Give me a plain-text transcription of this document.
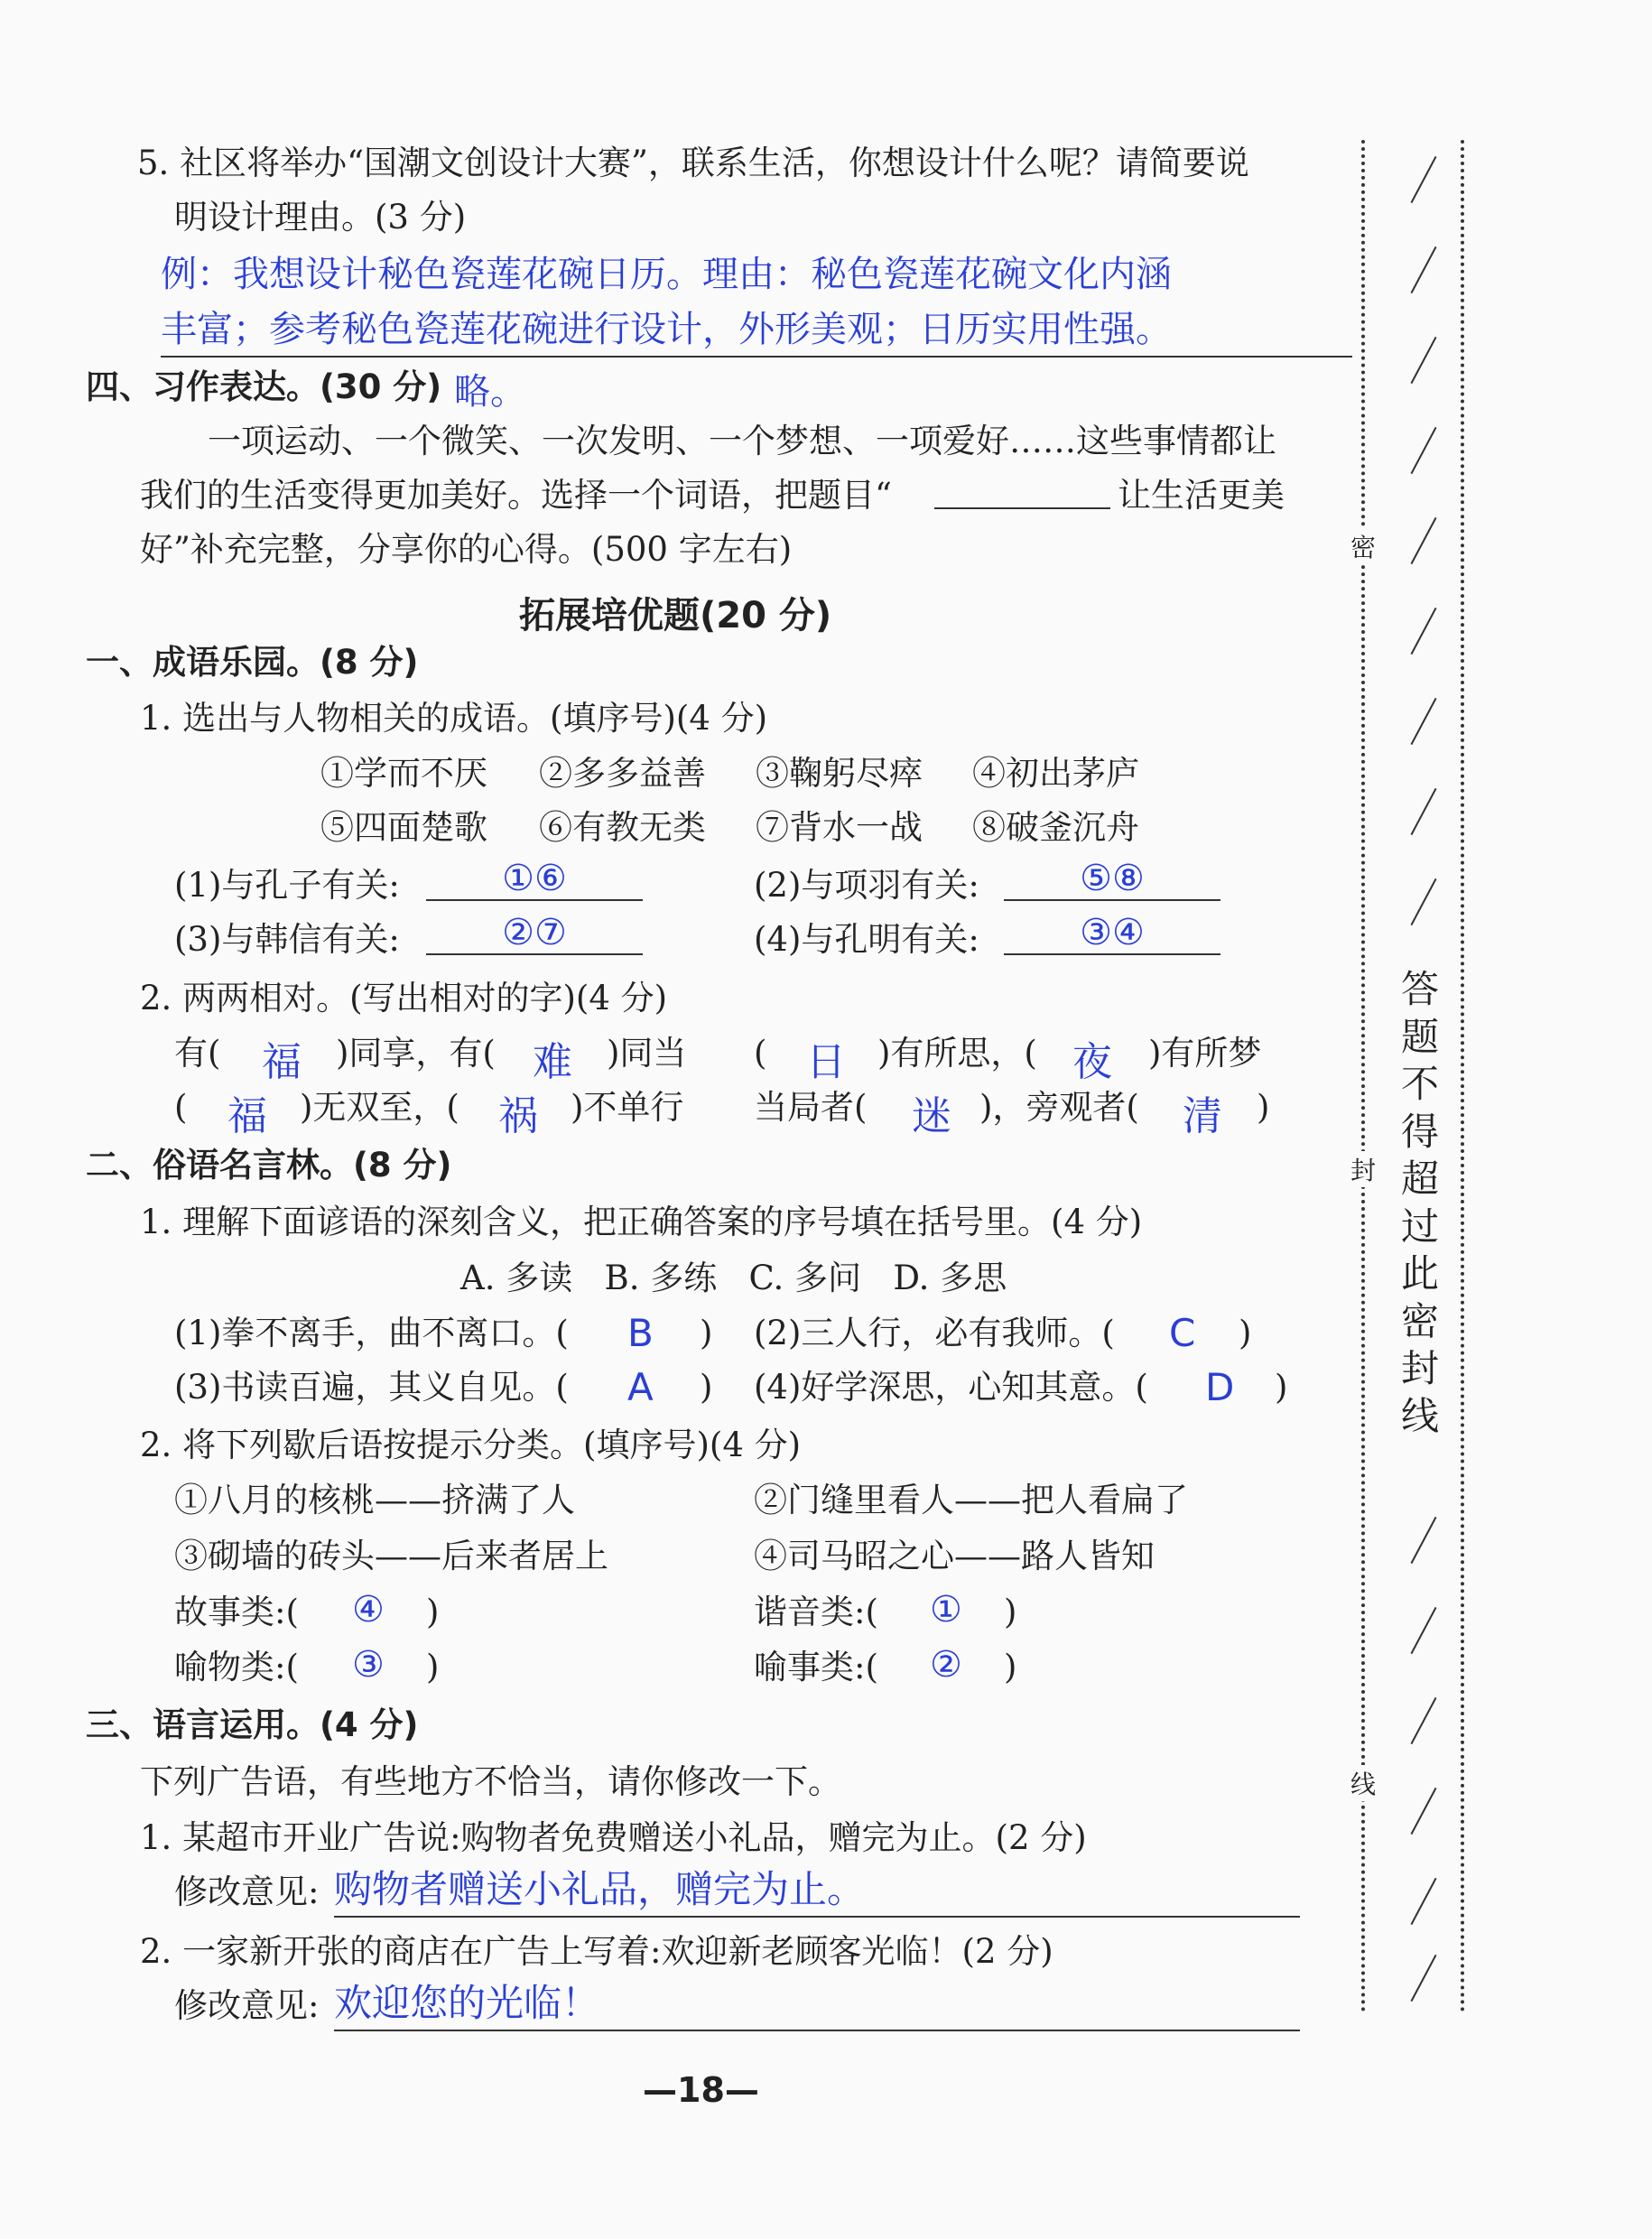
5. 社区将举办“国潮文创设计大赛”，联系生活，你想设计什么呢？请简要说
明设计理由。(3 分)
例：我想设计秘色瓷莲花碗日历。理由：秘色瓷莲花碗文化内涵
丰富；参考秘色瓷莲花碗进行设计，外形美观；日历实用性强。
四、习作表达。(30 分) 略。
一项运动、一个微笑、一次发明、一个梦想、一项爱好……这些事情都让
我们的生活变得更加美好。选择一个词语，把题目“	让生活更美
好”补充完整，分享你的心得。(500 字左右)
拓展培优题(20 分)
一、成语乐园。(8 分)
1. 选出与人物相关的成语。(填序号)(4 分)
①学而不厌 ②多多益善 ③鞠躬尽瘁 ④初出茅庐
⑤四面楚歌 ⑥有教无类 ⑦背水一战 ⑧破釜沉舟
(1)与孔子有关:	①⑥	(2)与项羽有关:	⑤⑧
(3)与韩信有关:	②⑦	(4)与孔明有关:	③④
2. 两两相对。(写出相对的字)(4 分)
有( 福 )同享，有( 难 )同当 ( 日 )有所思，( 夜 )有所梦
( 福 )无双至，( 祸 )不单行 当局者( 迷 )，旁观者( 清 )
二、俗语名言林。(8 分)
1. 理解下面谚语的深刻含义，把正确答案的序号填在括号里。(4 分)
A. 多读   B. 多练   C. 多问   D. 多思
(1)拳不离手，曲不离口。( B ) (2)三人行，必有我师。( C )
(3)书读百遍，其义自见。( A ) (4)好学深思，心知其意。( D )
2. 将下列歇后语按提示分类。(填序号)(4 分)
①八月的核桃——挤满了人	②门缝里看人——把人看扁了
③砌墙的砖头——后来者居上	④司马昭之心——路人皆知
故事类:( ④ )	谐音类:( ① )
喻物类:( ③ )	喻事类:( ② )
三、语言运用。(4 分)
下列广告语，有些地方不恰当，请你修改一下。
1. 某超市开业广告说:购物者免费赠送小礼品，赠完为止。(2 分)
修改意见: 购物者赠送小礼品，赠完为止。
2. 一家新开张的商店在广告上写着:欢迎新老顾客光临！(2 分)
修改意见: 欢迎您的光临！
—18—
密
封
线
答
题
不
得
超
过
此
密
封
线
